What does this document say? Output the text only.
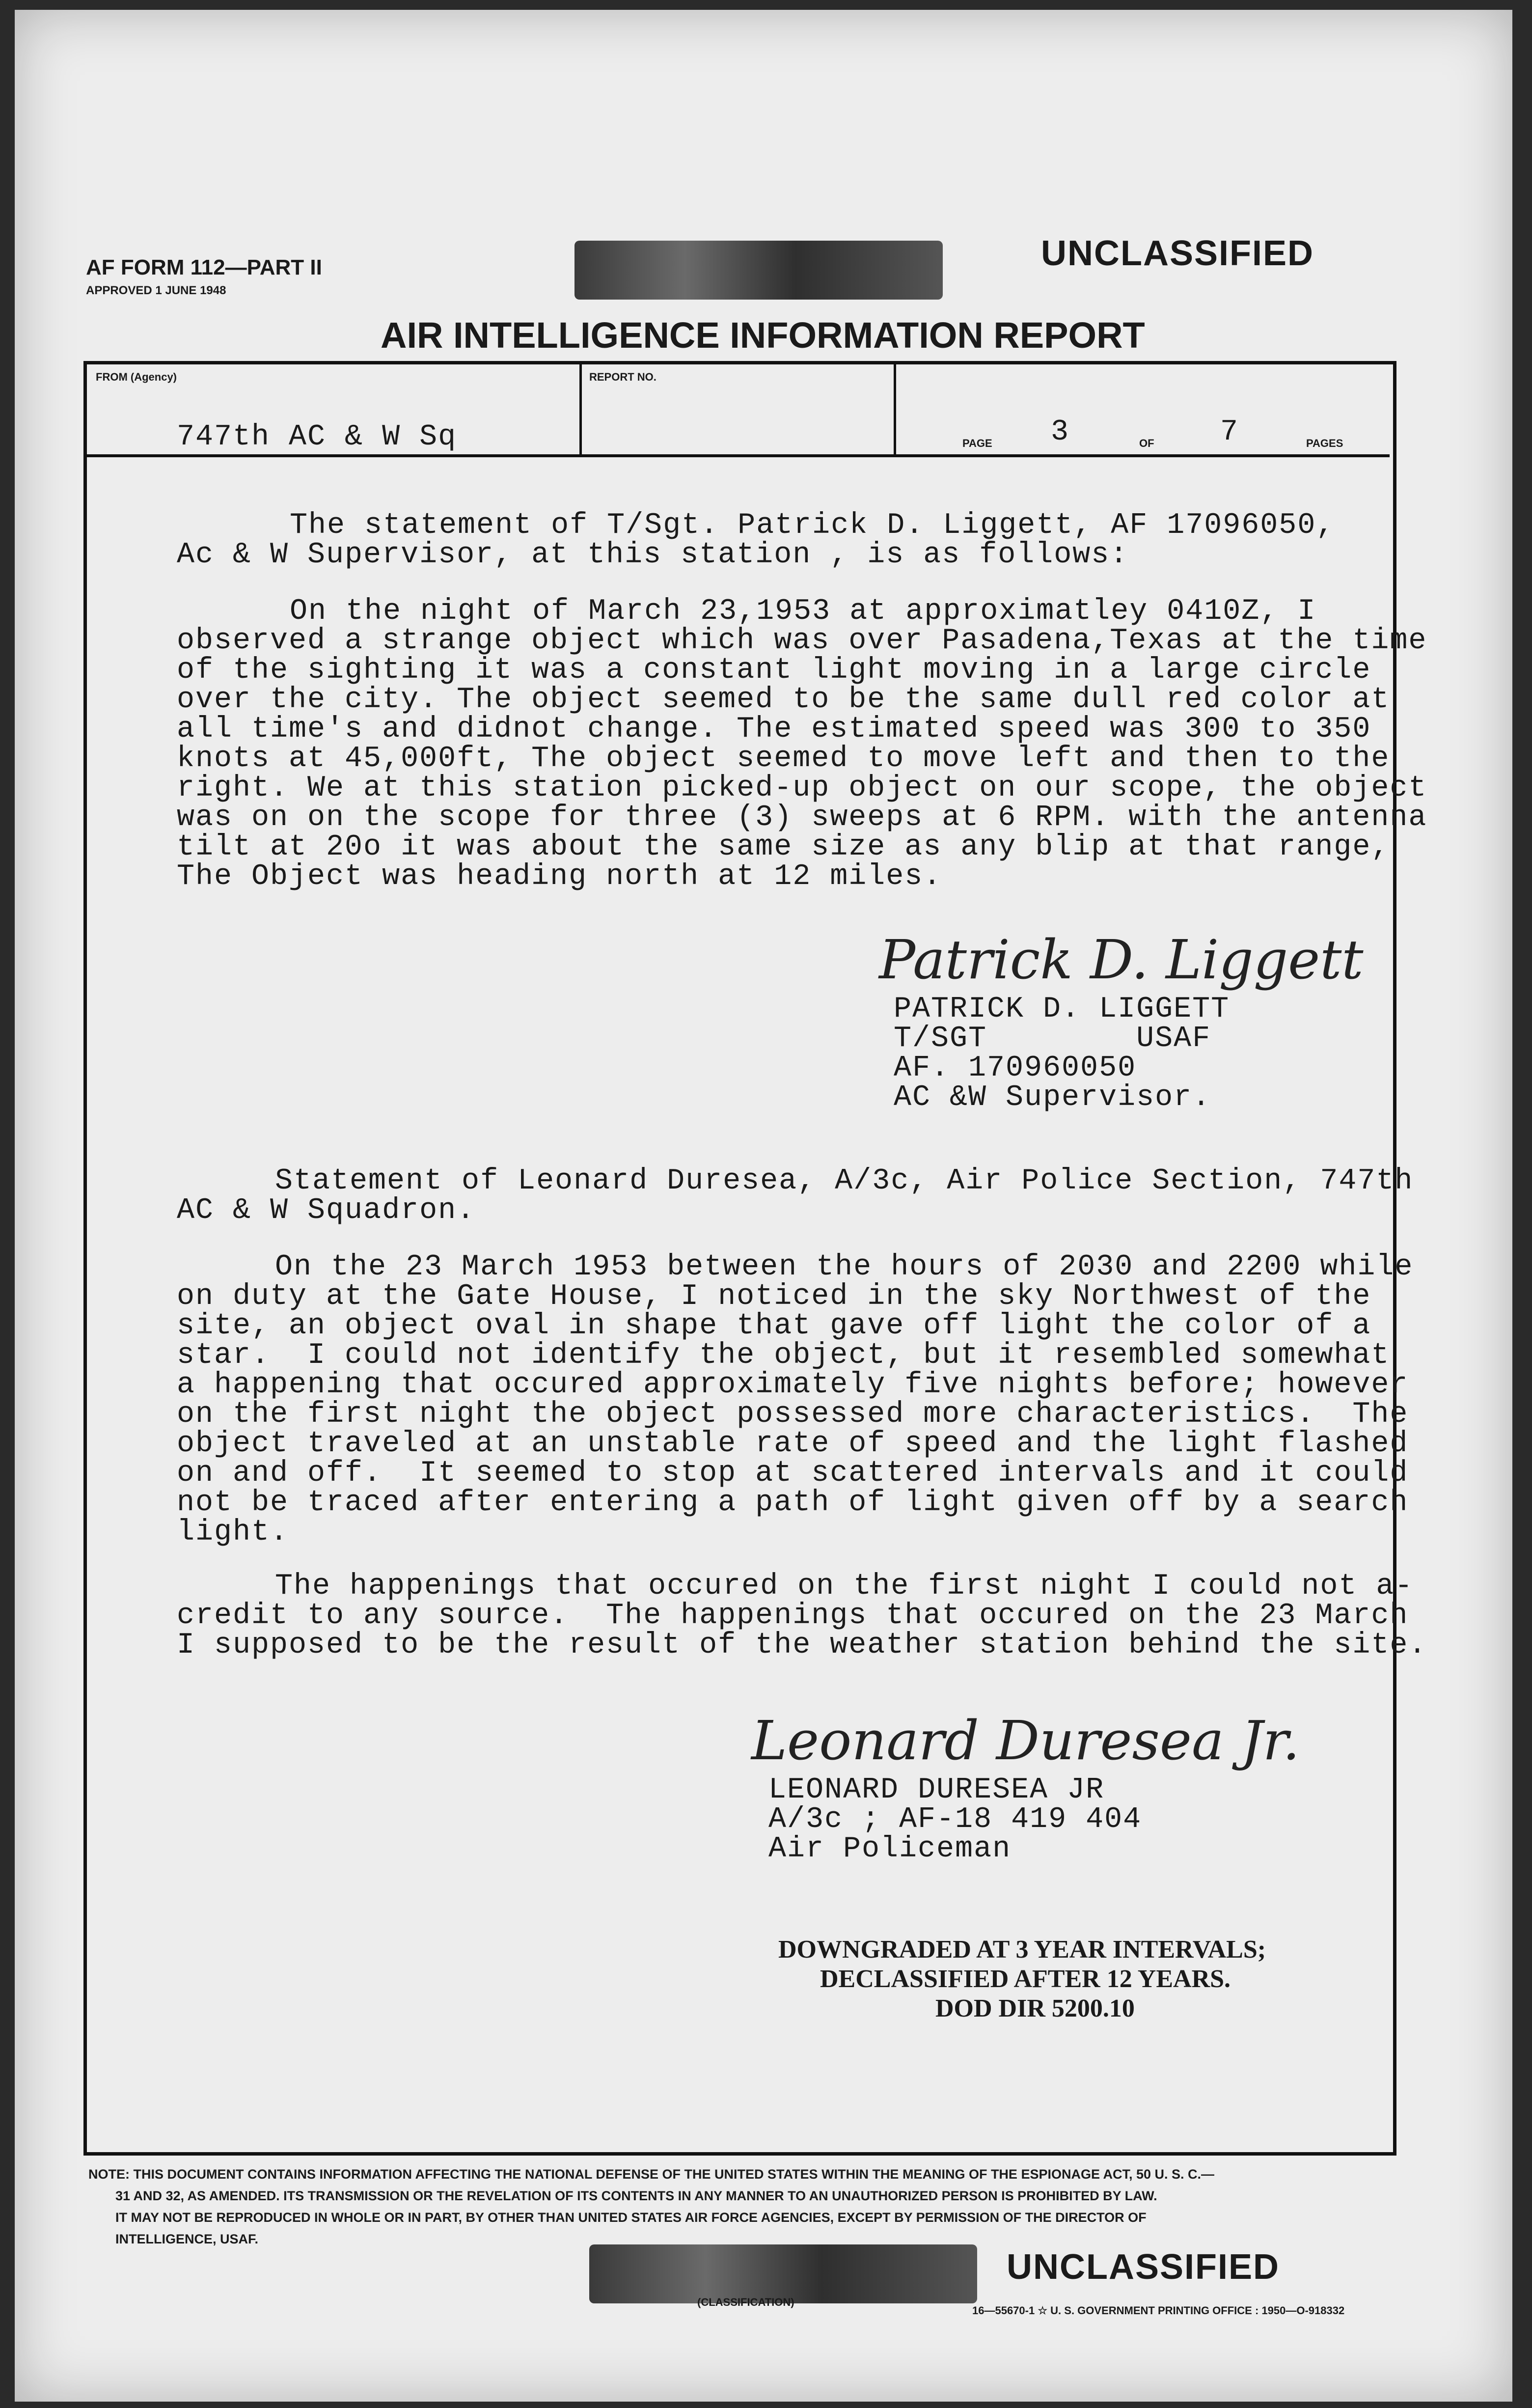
AF FORM 112—PART II
APPROVED 1 JUNE 1948
UNCLASSIFIED
AIR INTELLIGENCE INFORMATION REPORT
FROM (Agency)
747th AC & W Sq
REPORT NO.
PAGE 3	OF 7	PAGES
The statement of T/Sgt. Patrick D. Liggett, AF 17096050,
Ac & W Supervisor, at this station , is as follows:
On the night of March 23,1953 at approximatley 0410Z, I
observed a strange object which was over Pasadena,Texas at the time
of the sighting it was a constant light moving in a large circle
over the city. The object seemed to be the same dull red color at
all time's and didnot change. The estimated speed was 300 to 350
knots at 45,000ft, The object seemed to move left and then to the
right. We at this station picked-up object on our scope, the object
was on on the scope for three (3) sweeps at 6 RPM. with the antenna
tilt at 20o it was about the same size as any blip at that range,
The Object was heading north at 12 miles.
Patrick D. Liggett
PATRICK D. LIGGETT
T/SGT        USAF
AF. 170960050
AC &W Supervisor.
Statement of Leonard Duresea, A/3c, Air Police Section, 747th
AC & W Squadron.
On the 23 March 1953 between the hours of 2030 and 2200 while
on duty at the Gate House, I noticed in the sky Northwest of the
site, an object oval in shape that gave off light the color of a
star.  I could not identify the object, but it resembled somewhat
a happening that occured approximately five nights before; however
on the first night the object possessed more characteristics.  The
object traveled at an unstable rate of speed and the light flashed
on and off.  It seemed to stop at scattered intervals and it could
not be traced after entering a path of light given off by a search
light.
The happenings that occured on the first night I could not a-
credit to any source.  The happenings that occured on the 23 March
I supposed to be the result of the weather station behind the site.
Leonard Duresea Jr.
LEONARD DURESEA JR
A/3c ; AF-18 419 404
Air Policeman
DOWNGRADED AT 3 YEAR INTERVALS;
DECLASSIFIED AFTER 12 YEARS.
DOD DIR 5200.10
NOTE: THIS DOCUMENT CONTAINS INFORMATION AFFECTING THE NATIONAL DEFENSE OF THE UNITED STATES WITHIN THE MEANING OF THE ESPIONAGE ACT, 50 U. S. C.—
31 AND 32, AS AMENDED. ITS TRANSMISSION OR THE REVELATION OF ITS CONTENTS IN ANY MANNER TO AN UNAUTHORIZED PERSON IS PROHIBITED BY LAW.
IT MAY NOT BE REPRODUCED IN WHOLE OR IN PART, BY OTHER THAN UNITED STATES AIR FORCE AGENCIES, EXCEPT BY PERMISSION OF THE DIRECTOR OF
INTELLIGENCE, USAF.
UNCLASSIFIED
(CLASSIFICATION)
16—55670-1 ☆ U. S. GOVERNMENT PRINTING OFFICE : 1950—O-918332
